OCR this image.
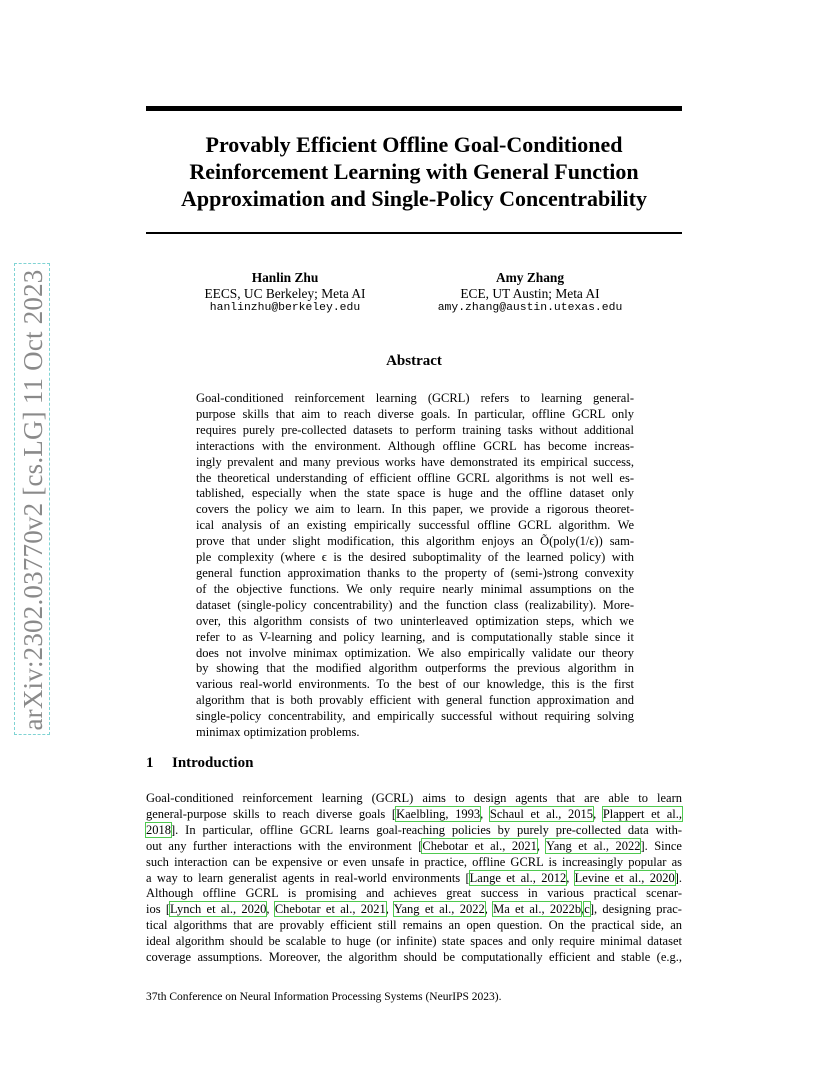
arXiv:2302.03770v2 [cs.LG] 11 Oct 2023
Provably Efficient Offline Goal-Conditioned
Reinforcement Learning with General Function
Approximation and Single-Policy Concentrability
Hanlin Zhu
EECS, UC Berkeley; Meta AI
hanlinzhu@berkeley.edu
Amy Zhang
ECE, UT Austin; Meta AI
amy.zhang@austin.utexas.edu
Abstract
Goal-conditioned reinforcement learning (GCRL) refers to learning general-
purpose skills that aim to reach diverse goals. In particular, offline GCRL only
requires purely pre-collected datasets to perform training tasks without additional
interactions with the environment. Although offline GCRL has become increas-
ingly prevalent and many previous works have demonstrated its empirical success,
the theoretical understanding of efficient offline GCRL algorithms is not well es-
tablished, especially when the state space is huge and the offline dataset only
covers the policy we aim to learn. In this paper, we provide a rigorous theoret-
ical analysis of an existing empirically successful offline GCRL algorithm. We
prove that under slight modification, this algorithm enjoys an Õ(poly(1/ϵ)) sam-
ple complexity (where ϵ is the desired suboptimality of the learned policy) with
general function approximation thanks to the property of (semi-)strong convexity
of the objective functions. We only require nearly minimal assumptions on the
dataset (single-policy concentrability) and the function class (realizability). More-
over, this algorithm consists of two uninterleaved optimization steps, which we
refer to as V-learning and policy learning, and is computationally stable since it
does not involve minimax optimization. We also empirically validate our theory
by showing that the modified algorithm outperforms the previous algorithm in
various real-world environments. To the best of our knowledge, this is the first
algorithm that is both provably efficient with general function approximation and
single-policy concentrability, and empirically successful without requiring solving
minimax optimization problems.
1 Introduction
Goal-conditioned reinforcement learning (GCRL) aims to design agents that are able to learn
general-purpose skills to reach diverse goals [Kaelbling, 1993, Schaul et al., 2015, Plappert et al.,
2018]. In particular, offline GCRL learns goal-reaching policies by purely pre-collected data with-
out any further interactions with the environment [Chebotar et al., 2021, Yang et al., 2022]. Since
such interaction can be expensive or even unsafe in practice, offline GCRL is increasingly popular as
a way to learn generalist agents in real-world environments [Lange et al., 2012, Levine et al., 2020].
Although offline GCRL is promising and achieves great success in various practical scenar-
ios [Lynch et al., 2020, Chebotar et al., 2021, Yang et al., 2022, Ma et al., 2022b,c], designing prac-
tical algorithms that are provably efficient still remains an open question. On the practical side, an
ideal algorithm should be scalable to huge (or infinite) state spaces and only require minimal dataset
coverage assumptions. Moreover, the algorithm should be computationally efficient and stable (e.g.,
37th Conference on Neural Information Processing Systems (NeurIPS 2023).
